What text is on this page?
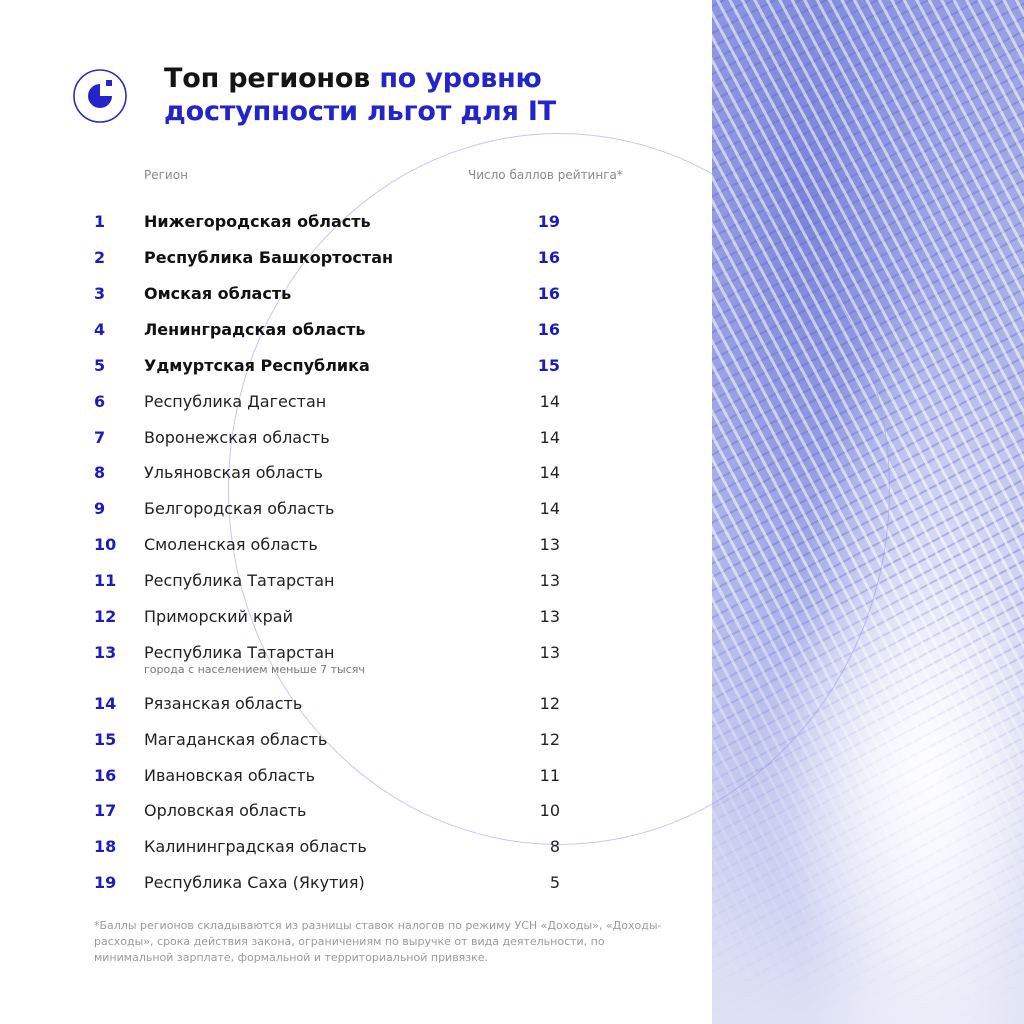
Топ регионов по уровню
доступности льгот для IT
Регион	Число баллов рейтинга*
1 Нижегородская область	19
2 Республика Башкортостан	16
3 Омская область	16
4 Ленинградская область	16
5 Удмуртская Республика	15
6 Республика Дагестан	14
7 Воронежская область	14
8 Ульяновская область	14
9 Белгородская область	14
10 Смоленская область	13
11 Республика Татарстан	13
12 Приморский край	13
13 Республика Татарстан	13
города с населением меньше 7 тысяч
14 Рязанская область	12
15 Магаданская область	12
16 Ивановская область	11
17 Орловская область	10
18 Калининградская область	8
19 Республика Саха (Якутия)	5

*Баллы регионов складываются из разницы ставок налогов по режиму УСН «Доходы», «Доходы-расходы», срока действия закона, ограничениям по выручке от вида деятельности, по минимальной зарплате, формальной и территориальной привязке.
